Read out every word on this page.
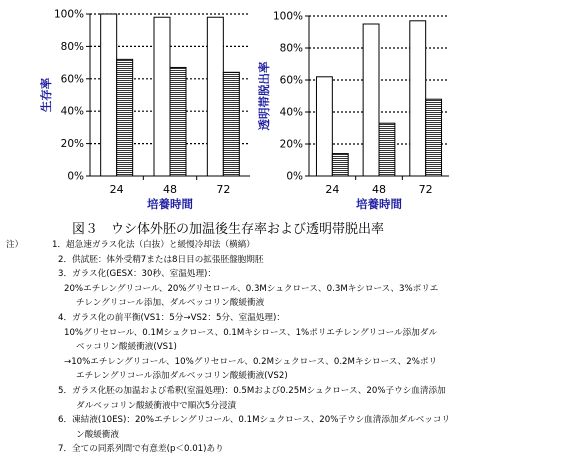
0%
20%
40%
60%
80%
100%
24	48	72
培養時間
生存率
0%
20%
40%
60%
80%
100%
24	48	72
培養時間
透明帯脱出率
図３　ウシ体外胚の加温後生存率および透明帯脱出率
注）	1．超急速ガラス化法（白抜）と緩慢冷却法（横縞）
2．供試胚：体外受精7または8日目の拡張胚盤胞期胚
3．ガラス化(GESX：30秒、室温処理)：
20%エチレングリコール、20%グリセロール、0.3Mシュクロース、0.3Mキシロース、3%ポリエ
チレングリコール添加、ダルベッコリン酸緩衝液
4．ガラス化の前平衡(VS1：5分→VS2：5分、室温処理)：
10%グリセロール、0.1Mシュクロース、0.1Mキシロース、1%ポリエチレングリコール添加ダル
ベッコリン酸緩衝液(VS1)
→10%エチレングリコール、10%グリセロール、0.2Mシュクロース、0.2Mキシロース、2%ポリ
エチレングリコール添加ダルベッコリン酸緩衝液(VS2)
5．ガラス化胚の加温および希釈(室温処理)：0.5Mおよび0.25Mシュクロース、20%子ウシ血清添加
ダルベッコリン酸緩衝液中で順次5分浸漬
6．凍結液(10ES)：20%エチレングリコール、0.1Mシュクロース、20%子ウシ血清添加ダルベッコリ
ン酸緩衝液
7．全ての同系列間で有意差(p＜0.01)あり
